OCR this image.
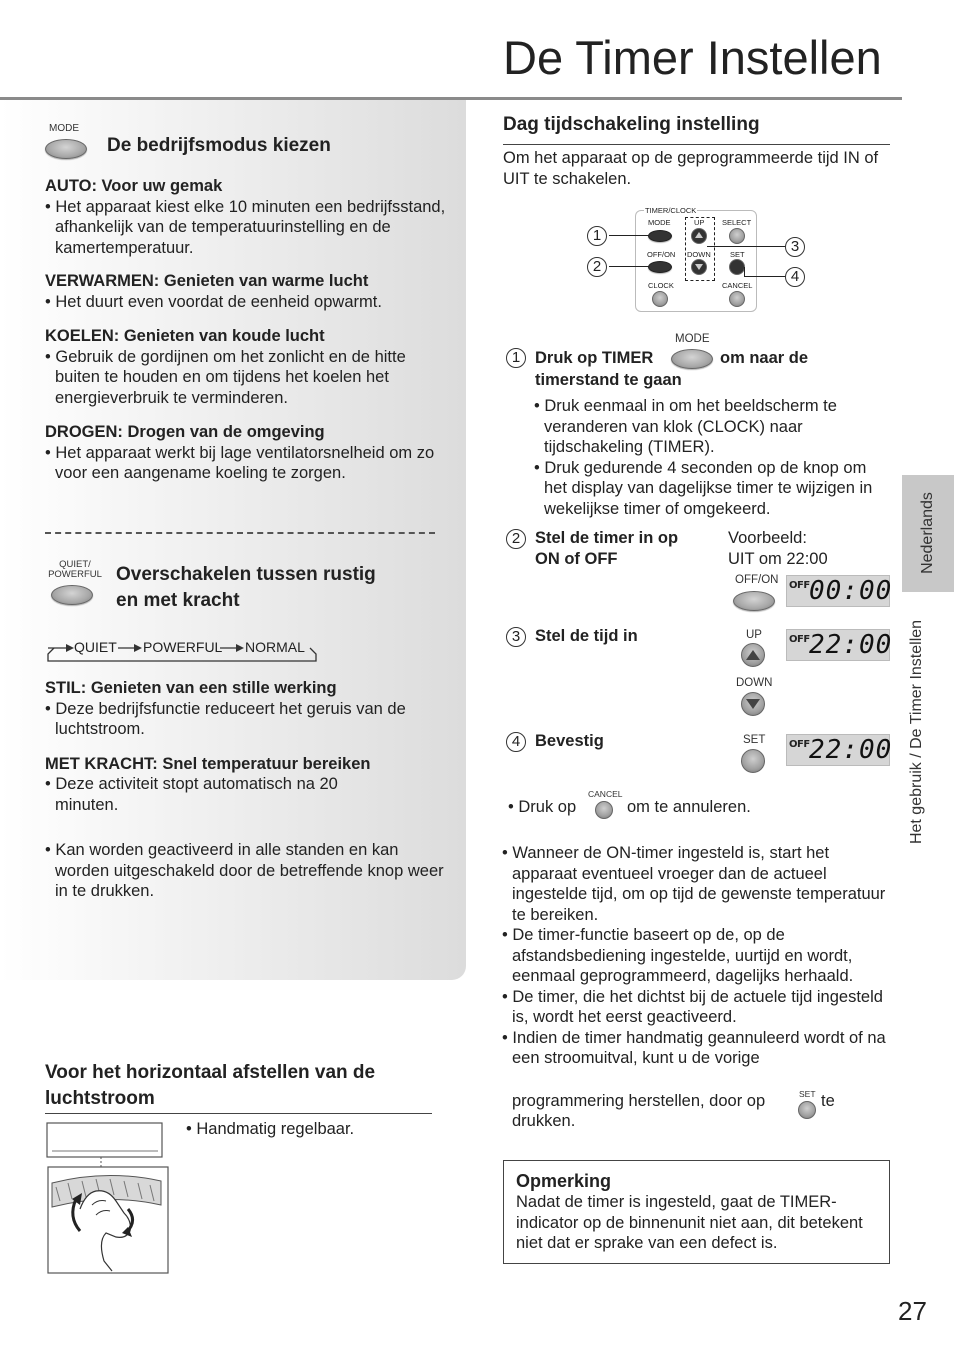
De Timer Instellen
MODE
De bedrijfsmodus kiezen
AUTO: Voor uw gemak
• Het apparaat kiest elke 10 minuten een bedrijfsstand, afhankelijk van de temperatuurinstelling en de kamertemperatuur.
VERWARMEN: Genieten van warme lucht
• Het duurt even voordat de eenheid opwarmt.
KOELEN: Genieten van koude lucht
• Gebruik de gordijnen om het zonlicht en de hitte buiten te houden en om tijdens het koelen het energieverbruik te verminderen.
DROGEN: Drogen van de omgeving
• Het apparaat werkt bij lage ventilatorsnelheid om zo voor een aangename koeling te zorgen.
QUIET/
POWERFUL Overschakelen tussen rustig
en met kracht
QUIET POWERFUL NORMAL
STIL: Genieten van een stille werking
• Deze bedrijfsfunctie reduceert het geruis van de luchtstroom.
MET KRACHT: Snel temperatuur bereiken
• Deze activiteit stopt automatisch na 20 minuten.
• Kan worden geactiveerd in alle standen en kan worden uitgeschakeld door de betreffende knop weer in te drukken.
Voor het horizontaal afstellen van de
luchtstroom
• Handmatig regelbaar.
Dag tijdschakeling instelling
Om het apparaat op de geprogrammeerde tijd IN of UIT te schakelen.
TIMER/CLOCK
MODE	UP SELECT
OFF/ON DOWN	SET
CLOCK	CANCEL
1
2
3
4
MODE
1 Druk op TIMER	om naar de
timerstand te gaan
• Druk eenmaal in om het beeldscherm te veranderen van klok (CLOCK) naar tijdschakeling (TIMER).
• Druk gedurende 4 seconden op de knop om het display van dagelijkse timer te wijzigen in wekelijkse timer of omgekeerd.
2 Stel de timer in op
ON of OFF
Voorbeeld:
UIT om 22:00
OFF/ON OFF 00:00
3 Stel de tijd in	UP
DOWN
OFF 22:00
4 Bevestig	SET OFF 22:00
• Druk op
CANCEL
om te annuleren.
• Wanneer de ON-timer ingesteld is, start het apparaat eventueel vroeger dan de actueel ingestelde tijd, om op tijd de gewenste temperatuur te bereiken.
• De timer-functie baseert op de, op de afstandsbediening ingestelde, uurtijd en wordt, eenmaal geprogrammeerd, dagelijks herhaald.
• De timer, die het dichtst bij de actuele tijd ingesteld is, wordt het eerst geactiveerd.
• Indien de timer handmatig geannuleerd wordt of na een stroomuitval, kunt u de vorige
programmering herstellen, door op	SET te
drukken.
Opmerking
Nadat de timer is ingesteld, gaat de TIMER-indicator op de binnenunit niet aan, dit betekent niet dat er sprake van een defect is.
Nederlands
Het gebruik / De Timer Instellen
27
